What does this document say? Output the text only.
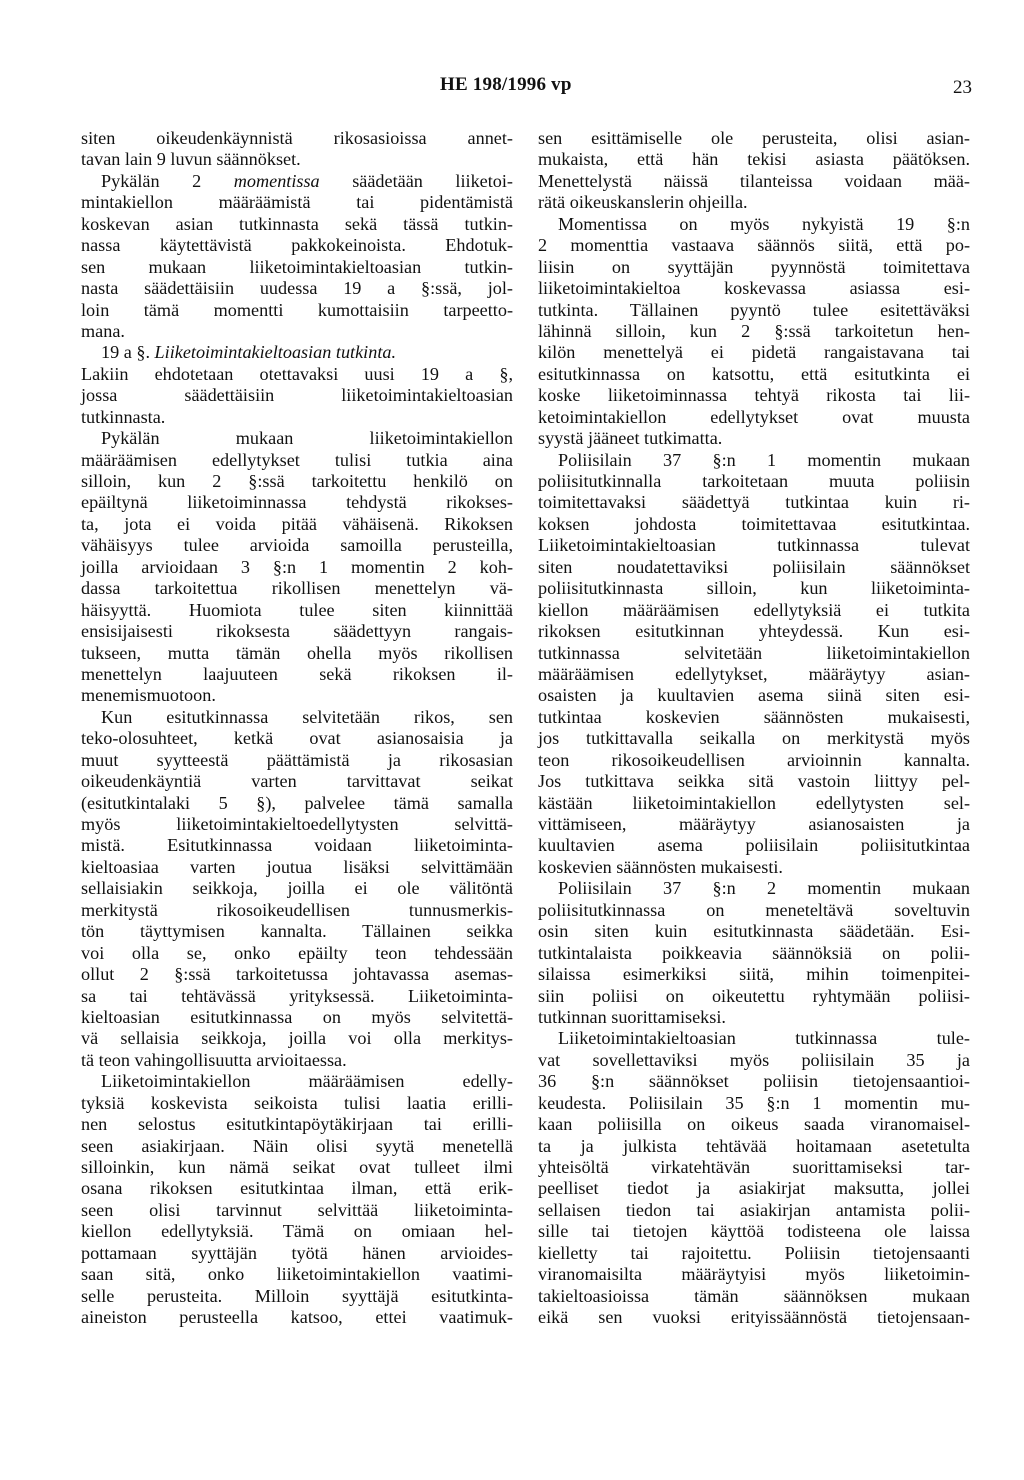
HE 198/1996 vp	23
siten oikeudenkäynnistä rikosasioissa annet-
tavan lain 9 luvun säännökset.
Pykälän 2 momentissa säädetään liiketoi-
mintakiellon määräämistä tai pidentämistä
koskevan asian tutkinnasta sekä tässä tutkin-
nassa käytettävistä pakkokeinoista. Ehdotuk-
sen mukaan liiketoimintakieltoasian tutkin-
nasta säädettäisiin uudessa 19 a §:ssä, jol-
loin tämä momentti kumottaisiin tarpeetto-
mana.
19 a §. Liiketoimintakieltoasian tutkinta.
Lakiin ehdotetaan otettavaksi uusi 19 a §,
jossa säädettäisiin liiketoimintakieltoasian
tutkinnasta.
Pykälän mukaan liiketoimintakiellon
määräämisen edellytykset tulisi tutkia aina
silloin, kun 2 §:ssä tarkoitettu henkilö on
epäiltynä liiketoiminnassa tehdystä rikokses-
ta, jota ei voida pitää vähäisenä. Rikoksen
vähäisyys tulee arvioida samoilla perusteilla,
joilla arvioidaan 3 §:n 1 momentin 2 koh-
dassa tarkoitettua rikollisen menettelyn vä-
häisyyttä. Huomiota tulee siten kiinnittää
ensisijaisesti rikoksesta säädettyyn rangais-
tukseen, mutta tämän ohella myös rikollisen
menettelyn laajuuteen sekä rikoksen il-
menemismuotoon.
Kun esitutkinnassa selvitetään rikos, sen
teko-olosuhteet, ketkä ovat asianosaisia ja
muut syytteestä päättämistä ja rikosasian
oikeudenkäyntiä varten tarvittavat seikat
(esitutkintalaki 5 §), palvelee tämä samalla
myös liiketoimintakieltoedellytysten selvittä-
mistä. Esitutkinnassa voidaan liiketoiminta-
kieltoasiaa varten joutua lisäksi selvittämään
sellaisiakin seikkoja, joilla ei ole välitöntä
merkitystä rikosoikeudellisen tunnusmerkis-
tön täyttymisen kannalta. Tällainen seikka
voi olla se, onko epäilty teon tehdessään
ollut 2 §:ssä tarkoitetussa johtavassa asemas-
sa tai tehtävässä yrityksessä. Liiketoiminta-
kieltoasian esitutkinnassa on myös selvitettä-
vä sellaisia seikkoja, joilla voi olla merkitys-
tä teon vahingollisuutta arvioitaessa.
Liiketoimintakiellon määräämisen edelly-
tyksiä koskevista seikoista tulisi laatia erilli-
nen selostus esitutkintapöytäkirjaan tai erilli-
seen asiakirjaan. Näin olisi syytä menetellä
silloinkin, kun nämä seikat ovat tulleet ilmi
osana rikoksen esitutkintaa ilman, että erik-
seen olisi tarvinnut selvittää liiketoiminta-
kiellon edellytyksiä. Tämä on omiaan hel-
pottamaan syyttäjän työtä hänen arvioides-
saan sitä, onko liiketoimintakiellon vaatimi-
selle perusteita. Milloin syyttäjä esitutkinta-
aineiston perusteella katsoo, ettei vaatimuk-
sen esittämiselle ole perusteita, olisi asian-
mukaista, että hän tekisi asiasta päätöksen.
Menettelystä näissä tilanteissa voidaan mää-
rätä oikeuskanslerin ohjeilla.
Momentissa on myös nykyistä 19 §:n
2 momenttia vastaava säännös siitä, että po-
liisin on syyttäjän pyynnöstä toimitettava
liiketoimintakieltoa koskevassa asiassa esi-
tutkinta. Tällainen pyyntö tulee esitettäväksi
lähinnä silloin, kun 2 §:ssä tarkoitetun hen-
kilön menettelyä ei pidetä rangaistavana tai
esitutkinnassa on katsottu, että esitutkinta ei
koske liiketoiminnassa tehtyä rikosta tai lii-
ketoimintakiellon edellytykset ovat muusta
syystä jääneet tutkimatta.
Poliisilain 37 §:n 1 momentin mukaan
poliisitutkinnalla tarkoitetaan muuta poliisin
toimitettavaksi säädettyä tutkintaa kuin ri-
koksen johdosta toimitettavaa esitutkintaa.
Liiketoimintakieltoasian tutkinnassa tulevat
siten noudatettaviksi poliisilain säännökset
poliisitutkinnasta silloin, kun liiketoiminta-
kiellon määräämisen edellytyksiä ei tutkita
rikoksen esitutkinnan yhteydessä. Kun esi-
tutkinnassa selvitetään liiketoimintakiellon
määräämisen edellytykset, määräytyy asian-
osaisten ja kuultavien asema siinä siten esi-
tutkintaa koskevien säännösten mukaisesti,
jos tutkittavalla seikalla on merkitystä myös
teon rikosoikeudellisen arvioinnin kannalta.
Jos tutkittava seikka sitä vastoin liittyy pel-
kästään liiketoimintakiellon edellytysten sel-
vittämiseen, määräytyy asianosaisten ja
kuultavien asema poliisilain poliisitutkintaa
koskevien säännösten mukaisesti.
Poliisilain 37 §:n 2 momentin mukaan
poliisitutkinnassa on meneteltävä soveltuvin
osin siten kuin esitutkinnasta säädetään. Esi-
tutkintalaista poikkeavia säännöksiä on polii-
silaissa esimerkiksi siitä, mihin toimenpitei-
siin poliisi on oikeutettu ryhtymään poliisi-
tutkinnan suorittamiseksi.
Liiketoimintakieltoasian tutkinnassa tule-
vat sovellettaviksi myös poliisilain 35 ja
36 §:n säännökset poliisin tietojensaantioi-
keudesta. Poliisilain 35 §:n 1 momentin mu-
kaan poliisilla on oikeus saada viranomaisel-
ta ja julkista tehtävää hoitamaan asetetulta
yhteisöltä virkatehtävän suorittamiseksi tar-
peelliset tiedot ja asiakirjat maksutta, jollei
sellaisen tiedon tai asiakirjan antamista polii-
sille tai tietojen käyttöä todisteena ole laissa
kielletty tai rajoitettu. Poliisin tietojensaanti
viranomaisilta määräytyisi myös liiketoimin-
takieltoasioissa tämän säännöksen mukaan
eikä sen vuoksi erityissäännöstä tietojensaan-
